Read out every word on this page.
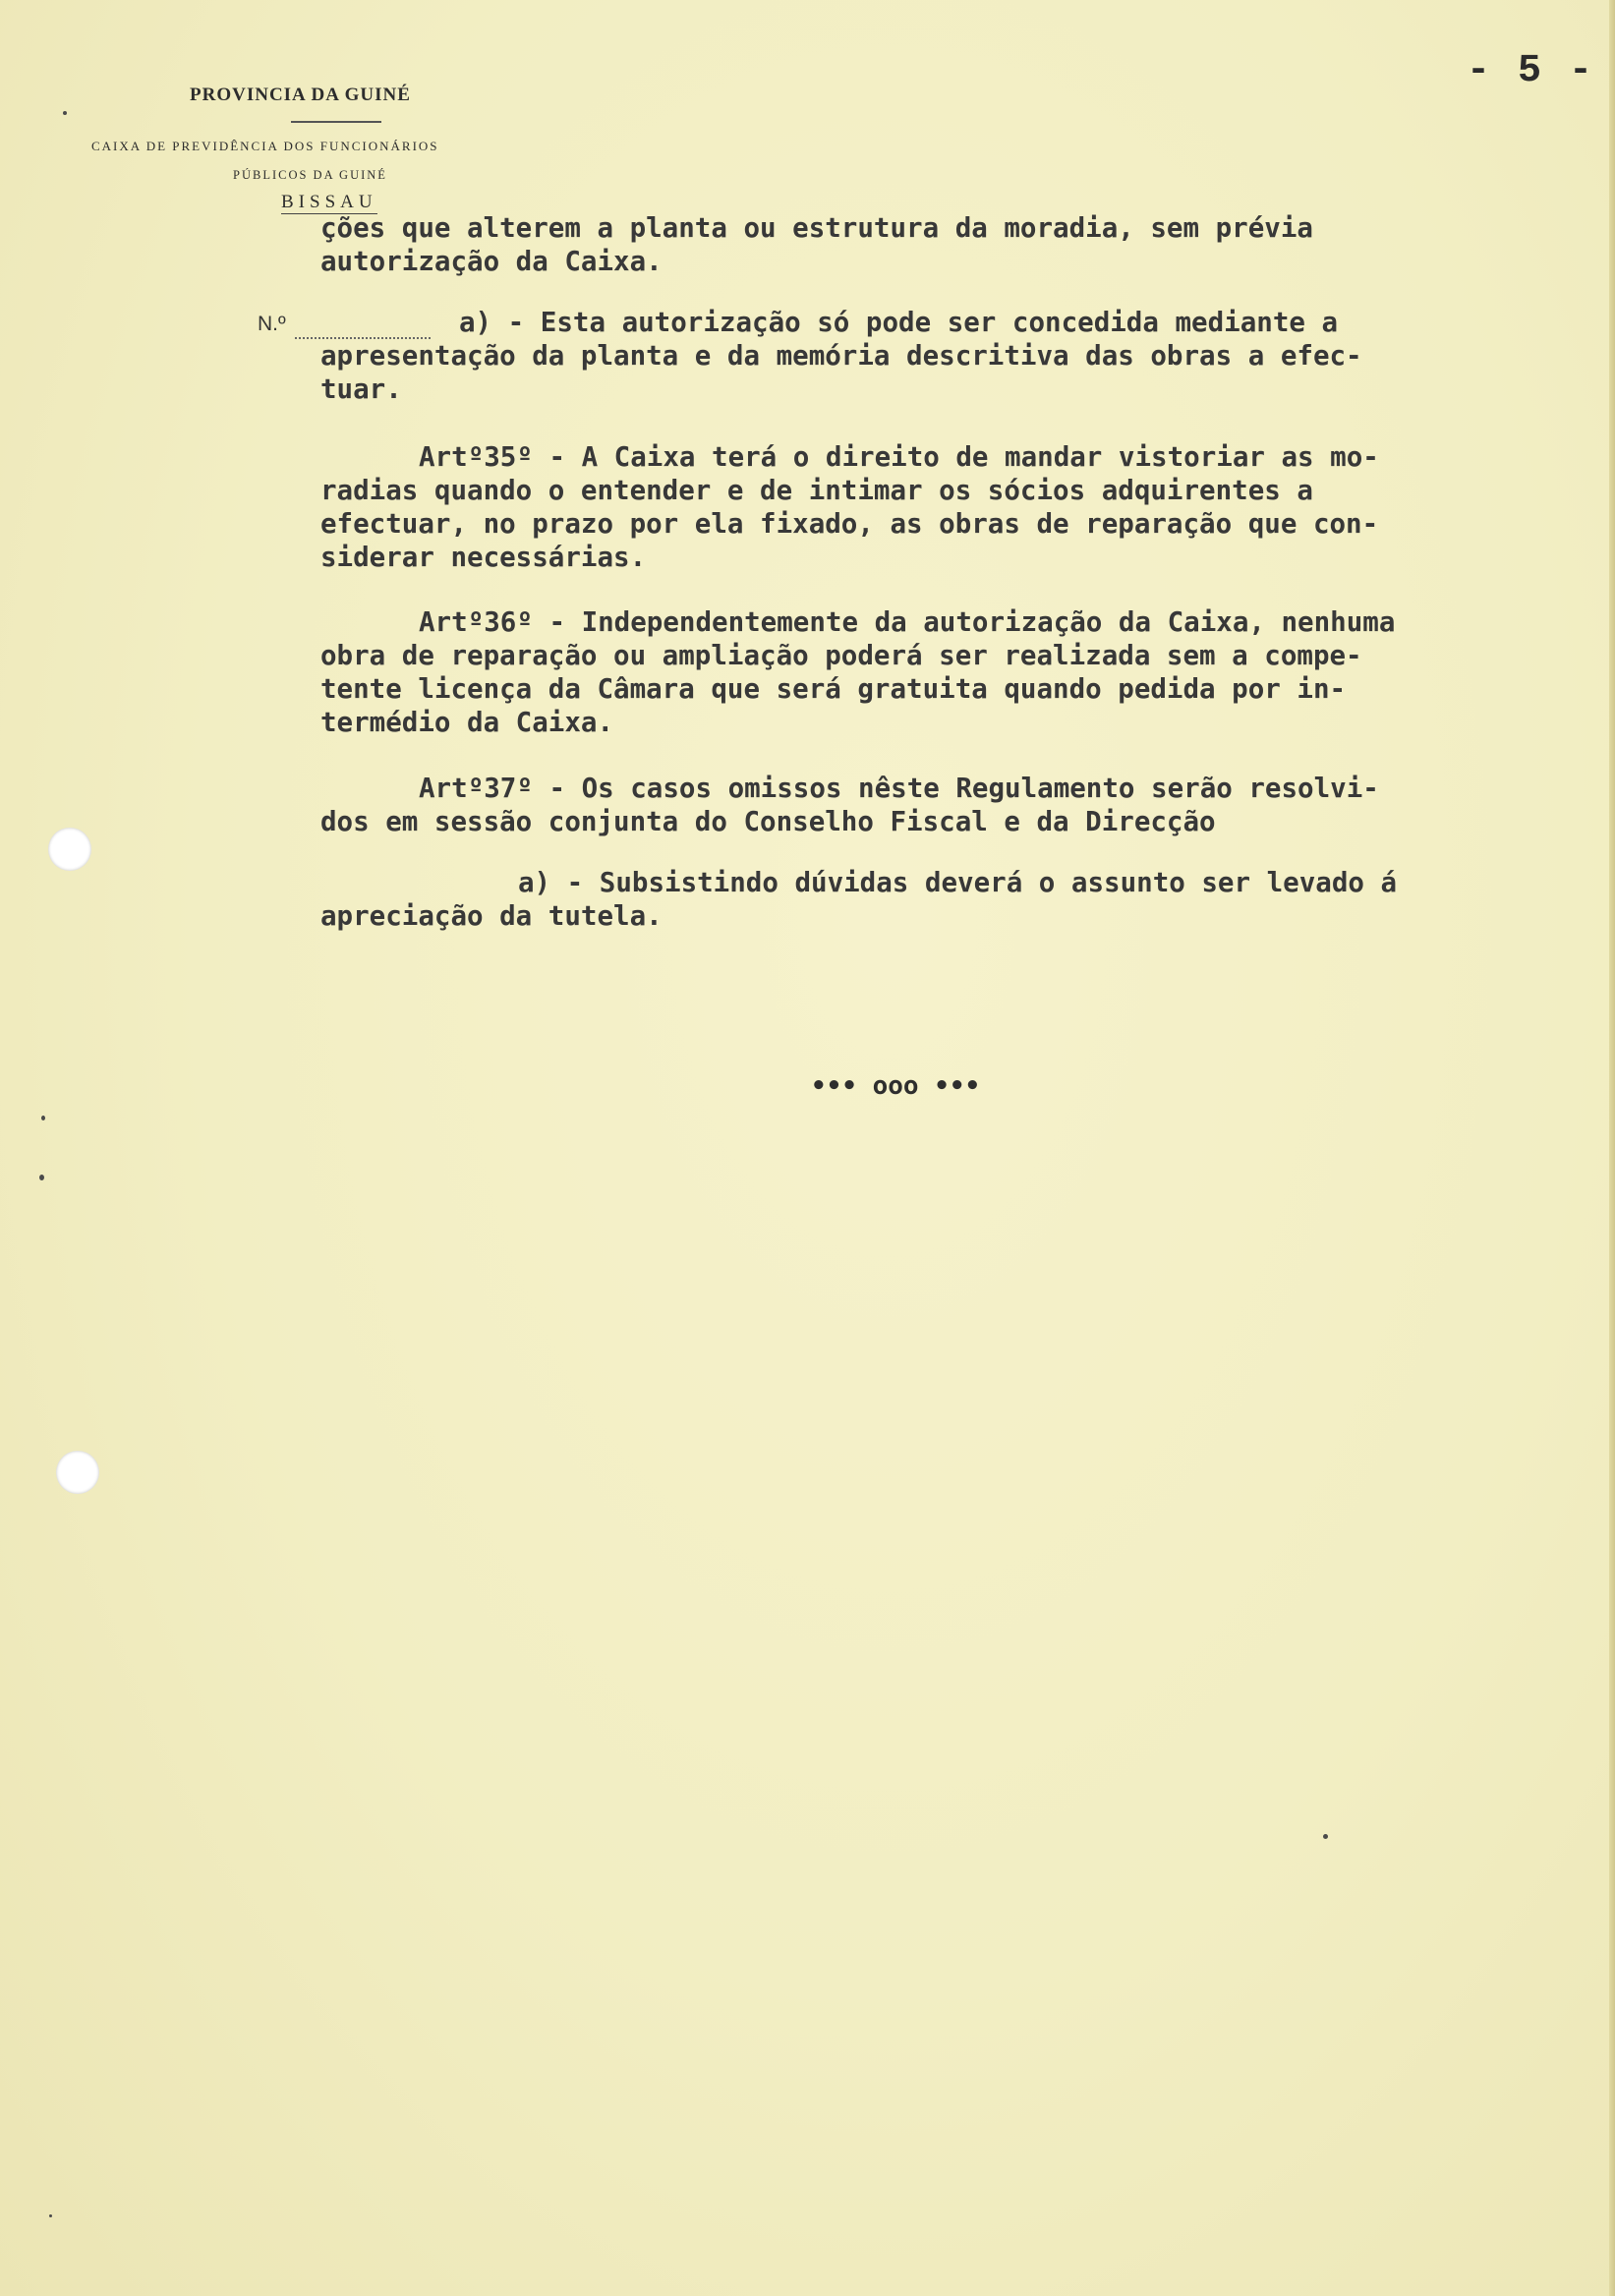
- 5 -
PROVINCIA DA GUINÉ
CAIXA DE PREVIDÊNCIA DOS FUNCIONÁRIOS
PÚBLICOS DA GUINÉ
BISSAU
N.º

ções que alterem a planta ou estrutura da moradia, sem prévia

autorização da Caixa.

a) - Esta autorização só pode ser concedida mediante a

apresentação da planta e da memória descritiva das obras a efec-

tuar.

Artº35º - A Caixa terá o direito de mandar vistoriar as mo-

radias quando o entender e de intimar os sócios adquirentes a

efectuar, no prazo por ela fixado, as obras de reparação que con-

siderar necessárias.

Artº36º - Independentemente da autorização da Caixa, nenhuma

obra de reparação ou ampliação poderá ser realizada sem a compe-

tente licença da Câmara que será gratuita quando pedida por in-

termédio da Caixa.

Artº37º - Os casos omissos nêste Regulamento serão resolvi-

dos em sessão conjunta do Conselho Fiscal e da Direcção

a) - Subsistindo dúvidas deverá o assunto ser levado á

apreciação da tutela.

••• ooo •••
